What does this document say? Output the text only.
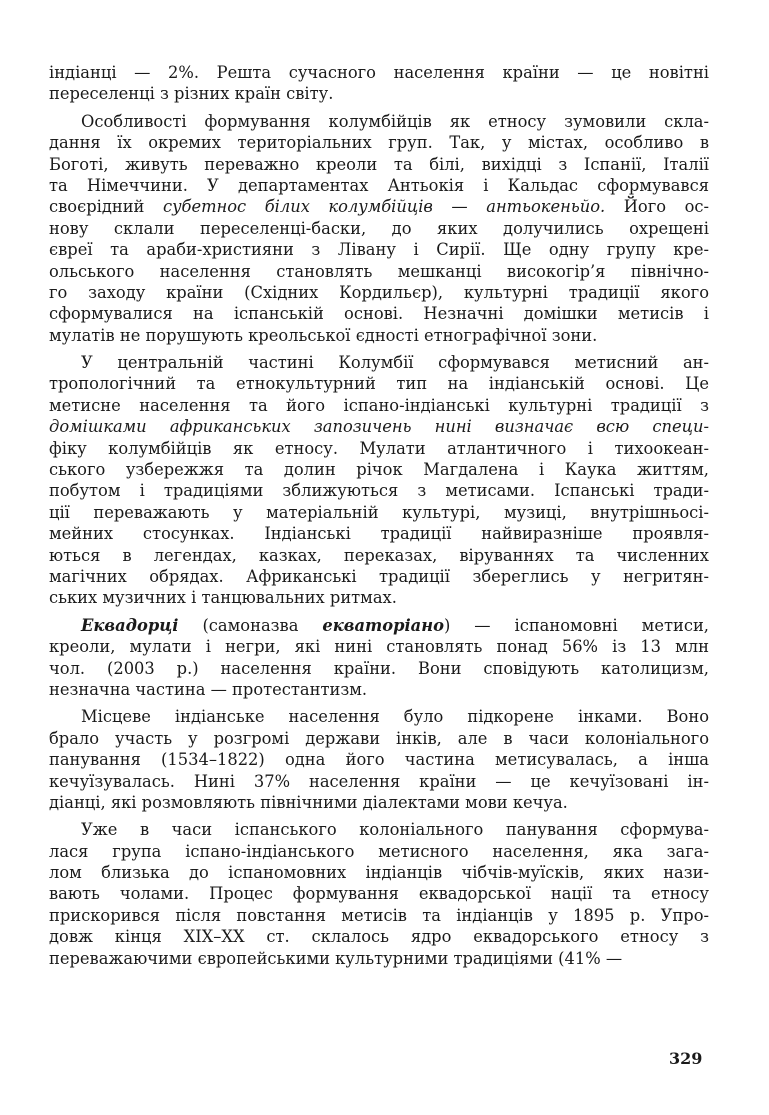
індіанці — 2%. Решта сучасного населення країни — це новітні
переселенці з різних країн світу.
Особливості формування колумбійців як етносу зумовили скла-
дання їх окремих територіальних груп. Так, у містах, особливо в
Боготі, живуть переважно креоли та білі, вихідці з Іспанії, Італії
та Німеччини. У департаментах Антьокія і Кальдас сформувався
своєрідний субетнос білих колумбійців — антьокеньйо. Його ос-
нову склали переселенці-баски, до яких долучились охрещені
євреї та араби-християни з Лівану і Сирії. Ще одну групу кре-
ольського населення становлять мешканці високогір’я північно-
го заходу країни (Східних Кордильєр), культурні традиції якого
сформувалися на іспанській основі. Незначні домішки метисів і
мулатів не порушують креольської єдності етнографічної зони.
У центральній частині Колумбії сформувався метисний ан-
тропологічний та етнокультурний тип на індіанській основі. Це
метисне населення та його іспано-індіанські культурні традиції з
домішками африканських запозичень нині визначає всю специ-
фіку колумбійців як етносу. Мулати атлантичного і тихоокеан-
ського узбережжя та долин річок Магдалена і Каука життям,
побутом і традиціями зближуються з метисами. Іспанські тради-
ції переважають у матеріальній культурі, музиці, внутрішньосі-
мейних стосунках. Індіанські традиції найвиразніше проявля-
ються в легендах, казках, переказах, віруваннях та численних
магічних обрядах. Африканські традиції збереглись у негритян-
ських музичних і танцювальних ритмах.
Еквадорці (самоназва екваторіано) — іспаномовні метиси,
креоли, мулати і негри, які нині становлять понад 56% із 13 млн
чол. (2003 р.) населення країни. Вони сповідують католицизм,
незначна частина — протестантизм.
Місцеве індіанське населення було підкорене інками. Воно
брало участь у розгромі держави інків, але в часи колоніального
панування (1534–1822) одна його частина метисувалась, а інша
кечуїзувалась. Нині 37% населення країни — це кечуїзовані ін-
діанці, які розмовляють північними діалектами мови кечуа.
Уже в часи іспанського колоніального панування сформува-
лася група іспано-індіанського метисного населення, яка зага-
лом близька до іспаномовних індіанців чібчів-муїсків, яких нази-
вають чолами. Процес формування еквадорської нації та етносу
прискорився після повстання метисів та індіанців у 1895 р. Упро-
довж кінця XIX–XX ст. склалось ядро еквадорського етносу з
переважаючими європейськими культурними традиціями (41% —
329
